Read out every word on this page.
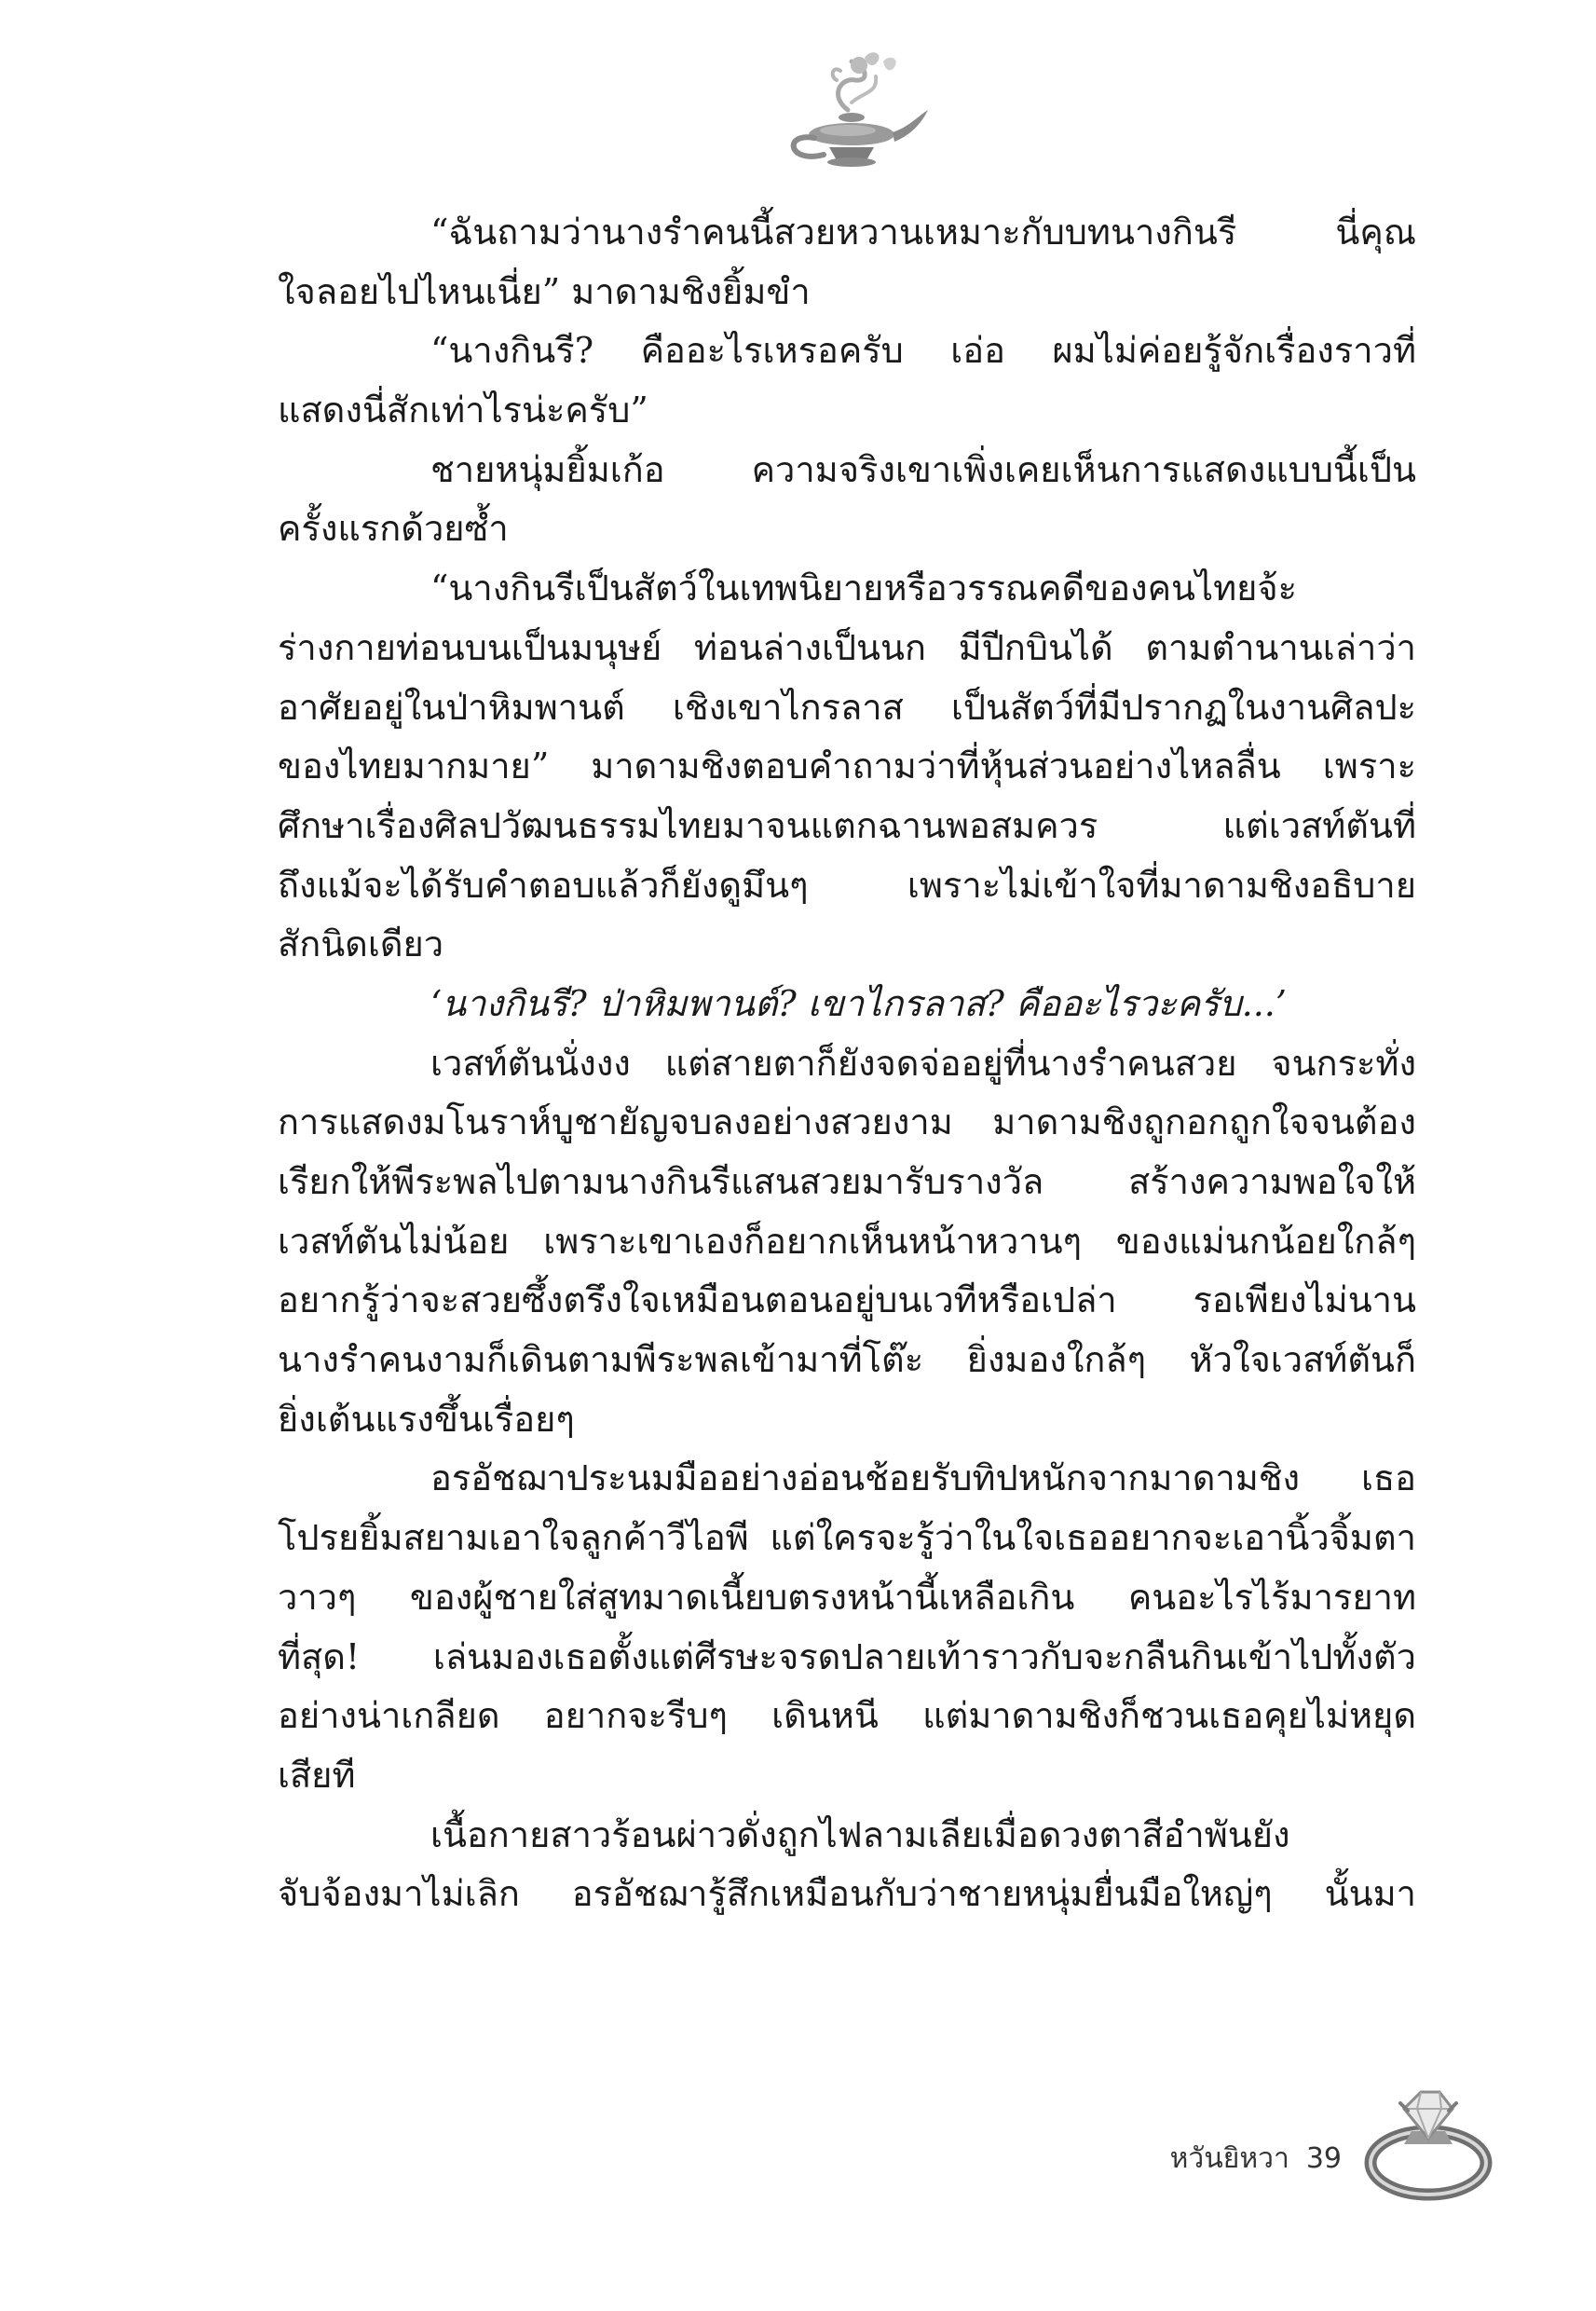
“ฉันถามว่านางรำคนนี้สวยหวานเหมาะกับบทนางกินรี นี่คุณ
ใจลอยไปไหนเนี่ย” มาดามชิงยิ้มขำ
“นางกินรี? คืออะไรเหรอครับ เอ่อ ผมไม่ค่อยรู้จักเรื่องราวที่
แสดงนี่สักเท่าไรน่ะครับ”
ชายหนุ่มยิ้มเก้อ ความจริงเขาเพิ่งเคยเห็นการแสดงแบบนี้เป็น
ครั้งแรกด้วยซ้ำ
“นางกินรีเป็นสัตว์ในเทพนิยายหรือวรรณคดีของคนไทยจ้ะ
ร่างกายท่อนบนเป็นมนุษย์ ท่อนล่างเป็นนก มีปีกบินได้ ตามตำนานเล่าว่า
อาศัยอยู่ในป่าหิมพานต์ เชิงเขาไกรลาส เป็นสัตว์ที่มีปรากฏในงานศิลปะ
ของไทยมากมาย” มาดามชิงตอบคำถามว่าที่หุ้นส่วนอย่างไหลลื่น เพราะ
ศึกษาเรื่องศิลปวัฒนธรรมไทยมาจนแตกฉานพอสมควร แต่เวสท์ตันที่
ถึงแม้จะได้รับคำตอบแล้วก็ยังดูมึนๆ เพราะไม่เข้าใจที่มาดามชิงอธิบาย
สักนิดเดียว
‘นางกินรี? ป่าหิมพานต์? เขาไกรลาส? คืออะไรวะครับ...’
เวสท์ตันนั่งงง แต่สายตาก็ยังจดจ่ออยู่ที่นางรำคนสวย จนกระทั่ง
การแสดงมโนราห์บูชายัญจบลงอย่างสวยงาม มาดามชิงถูกอกถูกใจจนต้อง
เรียกให้พีระพลไปตามนางกินรีแสนสวยมารับรางวัล สร้างความพอใจให้
เวสท์ตันไม่น้อย เพราะเขาเองก็อยากเห็นหน้าหวานๆ ของแม่นกน้อยใกล้ๆ
อยากรู้ว่าจะสวยซึ้งตรึงใจเหมือนตอนอยู่บนเวทีหรือเปล่า รอเพียงไม่นาน
นางรำคนงามก็เดินตามพีระพลเข้ามาที่โต๊ะ ยิ่งมองใกล้ๆ หัวใจเวสท์ตันก็
ยิ่งเต้นแรงขึ้นเรื่อยๆ
อรอัชฌาประนมมืออย่างอ่อนช้อยรับทิปหนักจากมาดามชิง เธอ
โปรยยิ้มสยามเอาใจลูกค้าวีไอพี แต่ใครจะรู้ว่าในใจเธออยากจะเอานิ้วจิ้มตา
วาวๆ ของผู้ชายใส่สูทมาดเนี้ยบตรงหน้านี้เหลือเกิน คนอะไรไร้มารยาท
ที่สุด! เล่นมองเธอตั้งแต่ศีรษะจรดปลายเท้าราวกับจะกลืนกินเข้าไปทั้งตัว
อย่างน่าเกลียด อยากจะรีบๆ เดินหนี แต่มาดามชิงก็ชวนเธอคุยไม่หยุด
เสียที
เนื้อกายสาวร้อนผ่าวดั่งถูกไฟลามเลียเมื่อดวงตาสีอำพันยัง
จับจ้องมาไม่เลิก อรอัชฌารู้สึกเหมือนกับว่าชายหนุ่มยื่นมือใหญ่ๆ นั้นมา
หวันยิหวา 39
